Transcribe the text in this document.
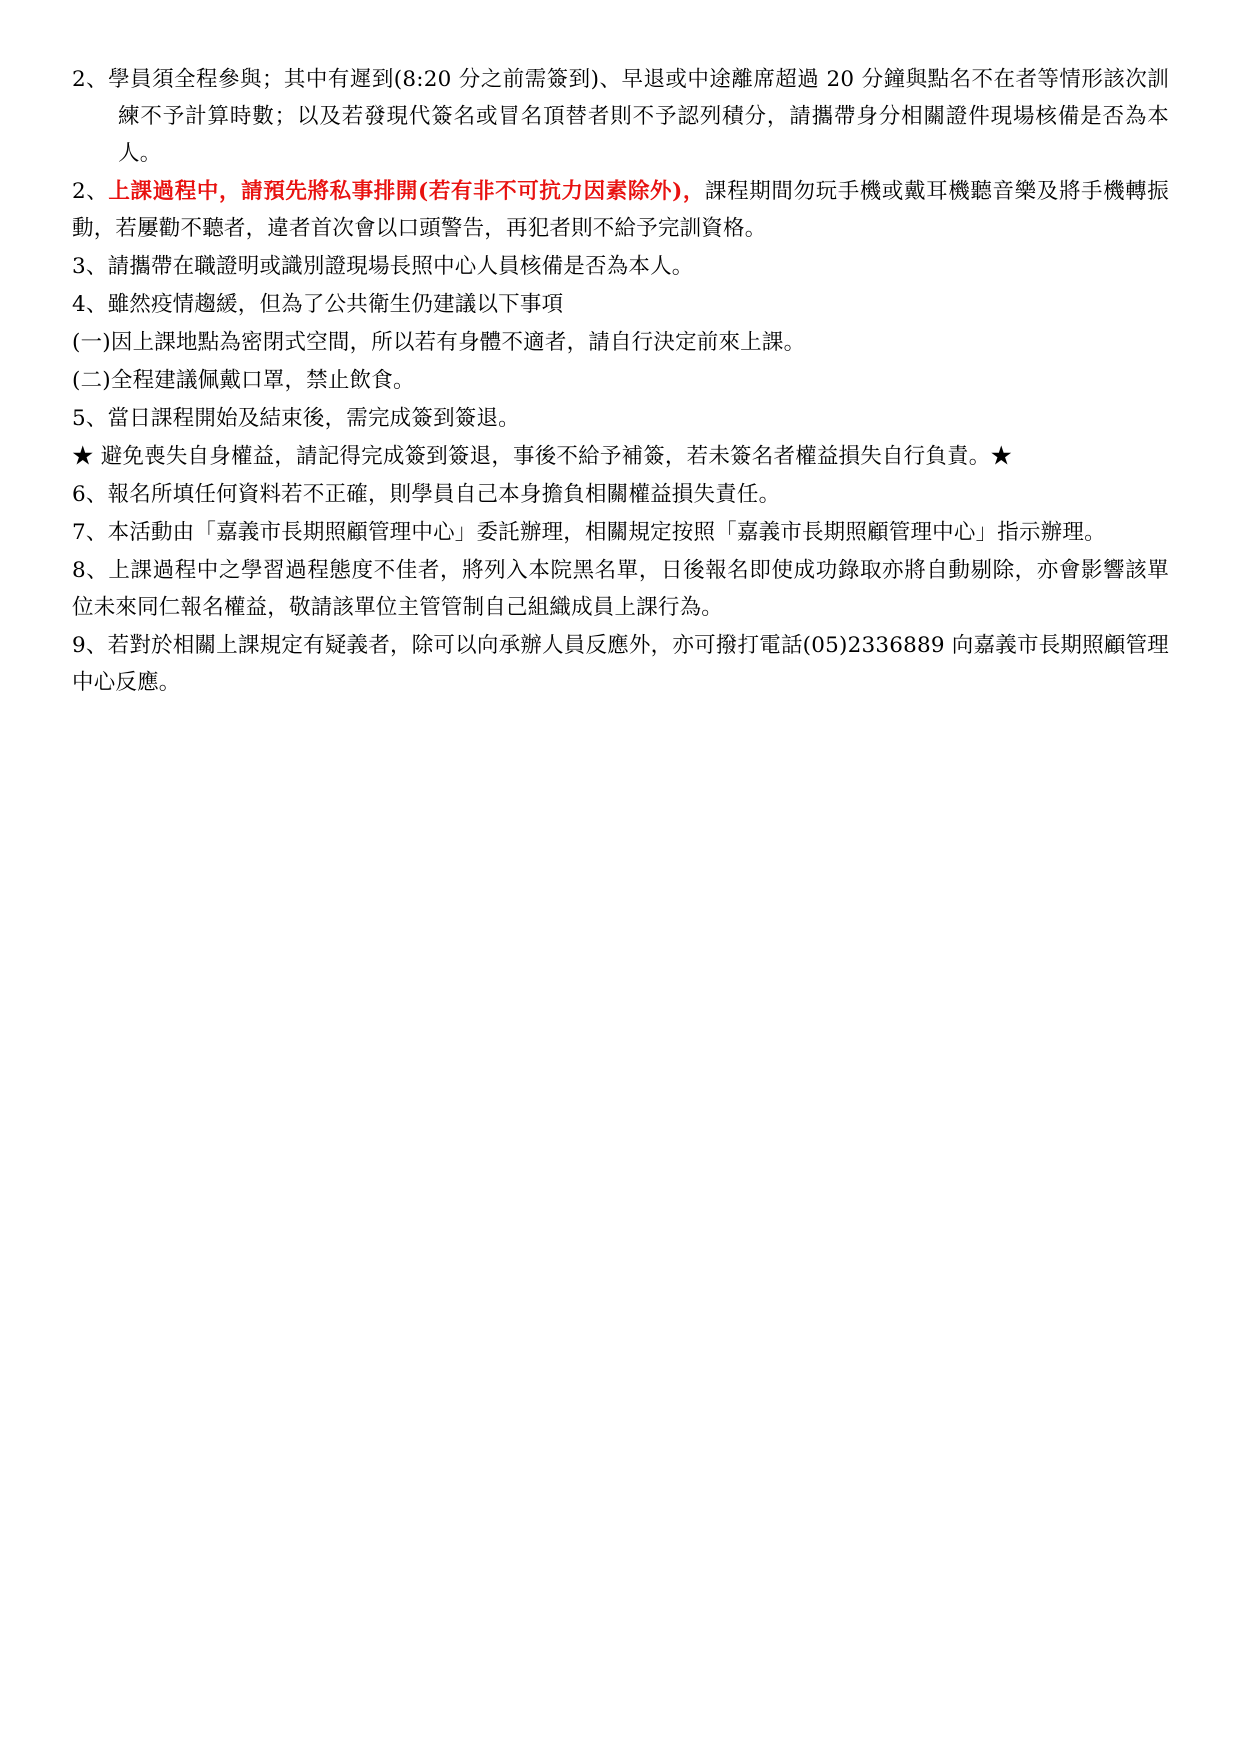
2、學員須全程參與；其中有遲到(8:20 分之前需簽到)、早退或中途離席超過 20 分鐘與點名不在者等情形該次訓練不予計算時數；以及若發現代簽名或冒名頂替者則不予認列積分，請攜帶身分相關證件現場核備是否為本人。

2、上課過程中，請預先將私事排開(若有非不可抗力因素除外)，課程期間勿玩手機或戴耳機聽音樂及將手機轉振動，若屢勸不聽者，違者首次會以口頭警告，再犯者則不給予完訓資格。

3、請攜帶在職證明或識別證現場長照中心人員核備是否為本人。

4、雖然疫情趨緩，但為了公共衛生仍建議以下事項

(一)因上課地點為密閉式空間，所以若有身體不適者，請自行決定前來上課。

(二)全程建議佩戴口罩，禁止飲食。

5、當日課程開始及結束後，需完成簽到簽退。

★ 避免喪失自身權益，請記得完成簽到簽退，事後不給予補簽，若未簽名者權益損失自行負責。★

6、報名所填任何資料若不正確，則學員自己本身擔負相關權益損失責任。

7、本活動由「嘉義市長期照顧管理中心」委託辦理，相關規定按照「嘉義市長期照顧管理中心」指示辦理。

8、上課過程中之學習過程態度不佳者，將列入本院黑名單，日後報名即使成功錄取亦將自動剔除，亦會影響該單位未來同仁報名權益，敬請該單位主管管制自己組織成員上課行為。

9、若對於相關上課規定有疑義者，除可以向承辦人員反應外，亦可撥打電話(05)2336889 向嘉義市長期照顧管理中心反應。
